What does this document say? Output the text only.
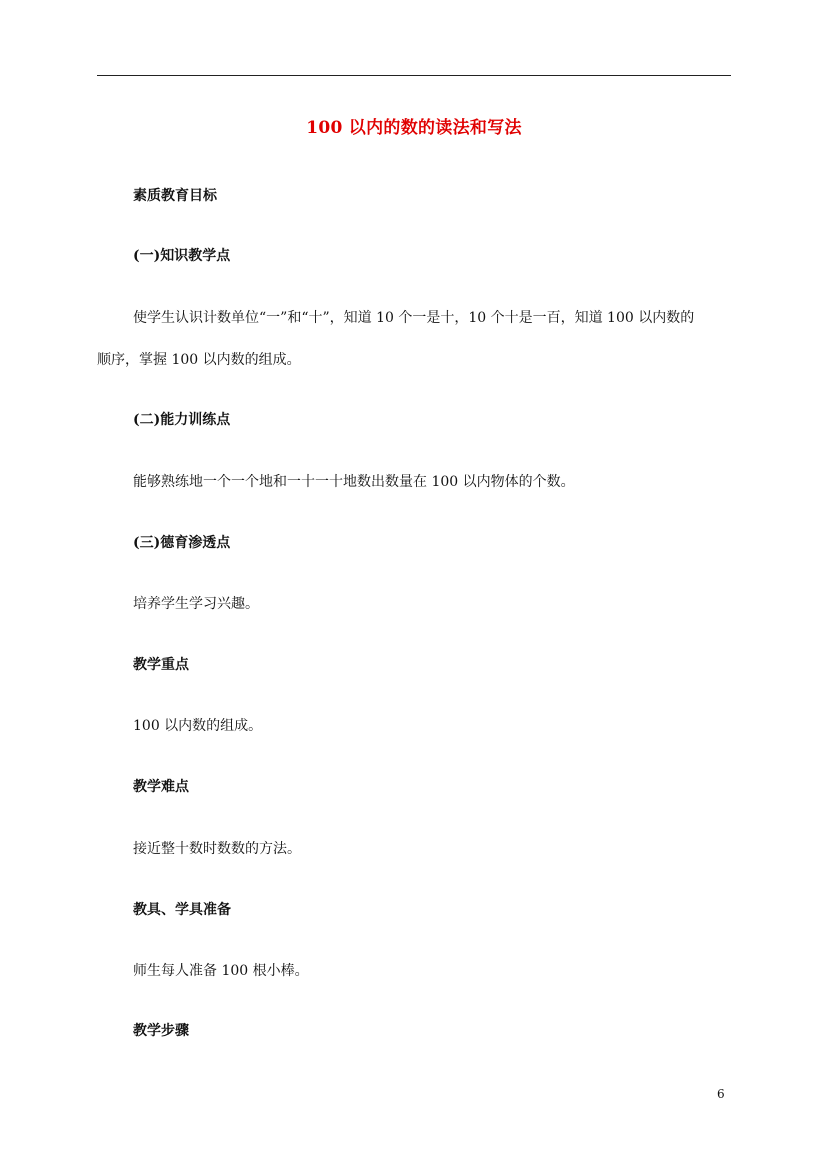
100 以内的数的读法和写法
素质教育目标
(一)知识教学点
使学生认识计数单位“一”和“十”，知道 10 个一是十，10 个十是一百，知道 100 以内数的
顺序，掌握 100 以内数的组成。
(二)能力训练点
能够熟练地一个一个地和一十一十地数出数量在 100 以内物体的个数。
(三)德育渗透点
培养学生学习兴趣。
教学重点
100 以内数的组成。
教学难点
接近整十数时数数的方法。
教具、学具准备
师生每人准备 100 根小棒。
教学步骤
6
